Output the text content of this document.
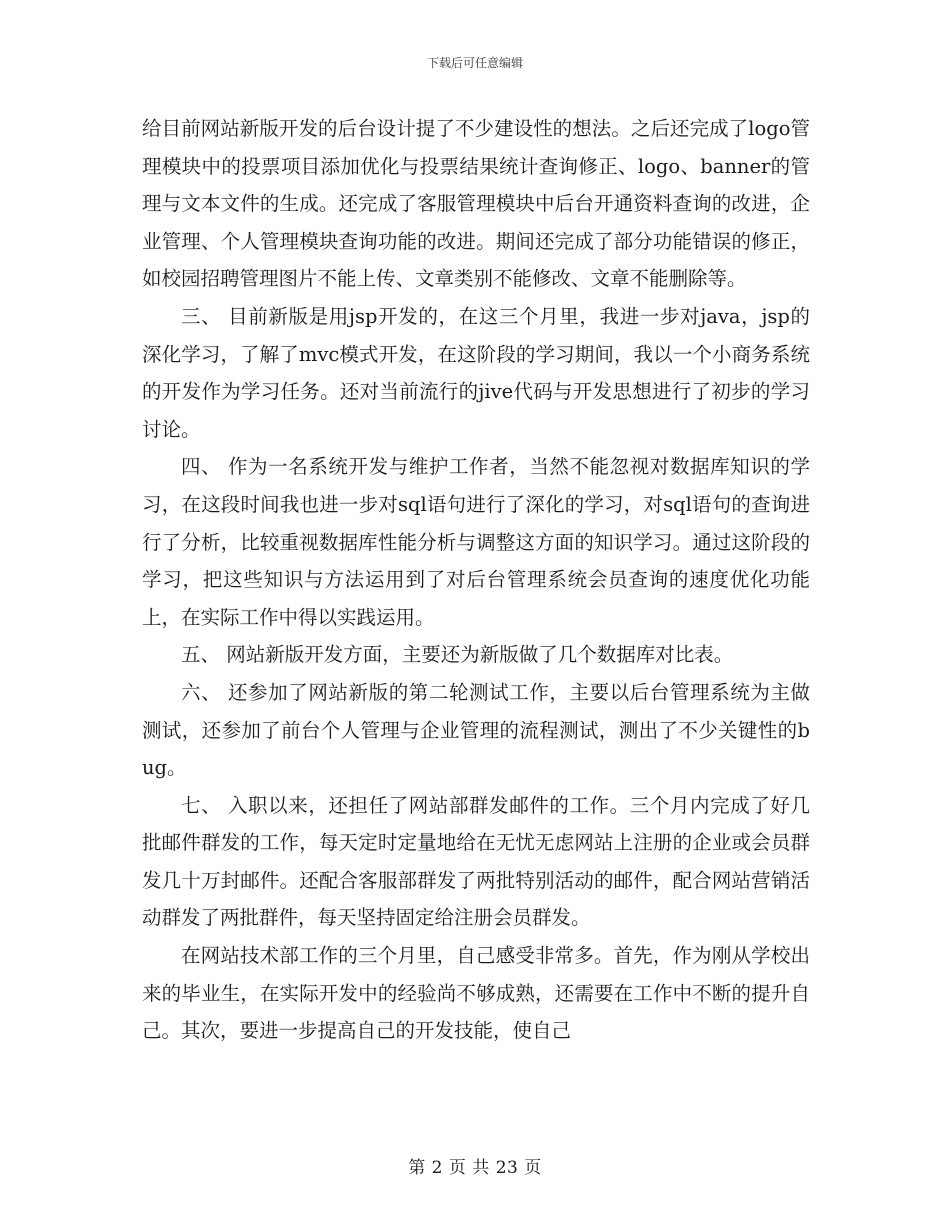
下载后可任意编辑

给目前网站新版开发的后台设计提了不少建设性的想法。之后还完成了logo管理模块中的投票项目添加优化与投票结果统计查询修正、logo、banner的管理与文本文件的生成。还完成了客服管理模块中后台开通资料查询的改进，企业管理、个人管理模块查询功能的改进。期间还完成了部分功能错误的修正，如校园招聘管理图片不能上传、文章类别不能修改、文章不能删除等。

三、 目前新版是用jsp开发的，在这三个月里，我进一步对java，jsp的深化学习，了解了mvc模式开发，在这阶段的学习期间，我以一个小商务系统的开发作为学习任务。还对当前流行的jive代码与开发思想进行了初步的学习讨论。

四、 作为一名系统开发与维护工作者，当然不能忽视对数据库知识的学习，在这段时间我也进一步对sql语句进行了深化的学习，对sql语句的查询进行了分析，比较重视数据库性能分析与调整这方面的知识学习。通过这阶段的学习，把这些知识与方法运用到了对后台管理系统会员查询的速度优化功能上，在实际工作中得以实践运用。

五、 网站新版开发方面，主要还为新版做了几个数据库对比表。

六、 还参加了网站新版的第二轮测试工作，主要以后台管理系统为主做测试，还参加了前台个人管理与企业管理的流程测试，测出了不少关键性的bug。

七、 入职以来，还担任了网站部群发邮件的工作。三个月内完成了好几批邮件群发的工作，每天定时定量地给在无忧无虑网站上注册的企业或会员群发几十万封邮件。还配合客服部群发了两批特别活动的邮件，配合网站营销活动群发了两批群件，每天坚持固定给注册会员群发。

在网站技术部工作的三个月里，自己感受非常多。首先，作为刚从学校出来的毕业生，在实际开发中的经验尚不够成熟，还需要在工作中不断的提升自己。其次，要进一步提高自己的开发技能，使自己

第 2 页 共 23 页
